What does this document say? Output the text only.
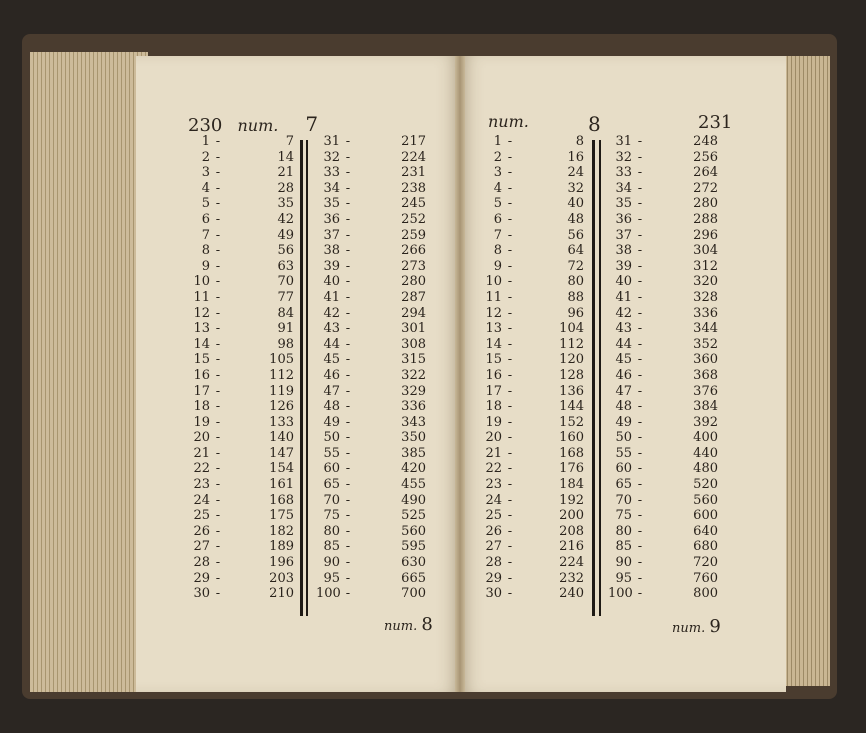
230 num. 7	num.	8	231
1 -	7
2 -	14
3 -	21
4 -	28
5 -	35
6 -	42
7 -	49
8 -	56
9 -	63
10 -	70
11 -	77
12 -	84
13 -	91
14 -	98
15 -	105
16 -	112
17 -	119
18 -	126
19 -	133
20 -	140
21 -	147
22 -	154
23 -	161
24 -	168
25 -	175
26 -	182
27 -	189
28 -	196
29 -	203
30 -	210
31 -	217
32 -	224
33 -	231
34 -	238
35 -	245
36 -	252
37 -	259
38 -	266
39 -	273
40 -	280
41 -	287
42 -	294
43 -	301
44 -	308
45 -	315
46 -	322
47 -	329
48 -	336
49 -	343
50 -	350
55 -	385
60 -	420
65 -	455
70 -	490
75 -	525
80 -	560
85 -	595
90 -	630
95 -	665
100 -	700
1 -	8
2 -	16
3 -	24
4 -	32
5 -	40
6 -	48
7 -	56
8 -	64
9 -	72
10 -	80
11 -	88
12 -	96
13 -	104
14 -	112
15 -	120
16 -	128
17 -	136
18 -	144
19 -	152
20 -	160
21 -	168
22 -	176
23 -	184
24 -	192
25 -	200
26 -	208
27 -	216
28 -	224
29 -	232
30 -	240
31 -	248
32 -	256
33 -	264
34 -	272
35 -	280
36 -	288
37 -	296
38 -	304
39 -	312
40 -	320
41 -	328
42 -	336
43 -	344
44 -	352
45 -	360
46 -	368
47 -	376
48 -	384
49 -	392
50 -	400
55 -	440
60 -	480
65 -	520
70 -	560
75 -	600
80 -	640
85 -	680
90 -	720
95 -	760
100 -	800
num. 8	num. 9
